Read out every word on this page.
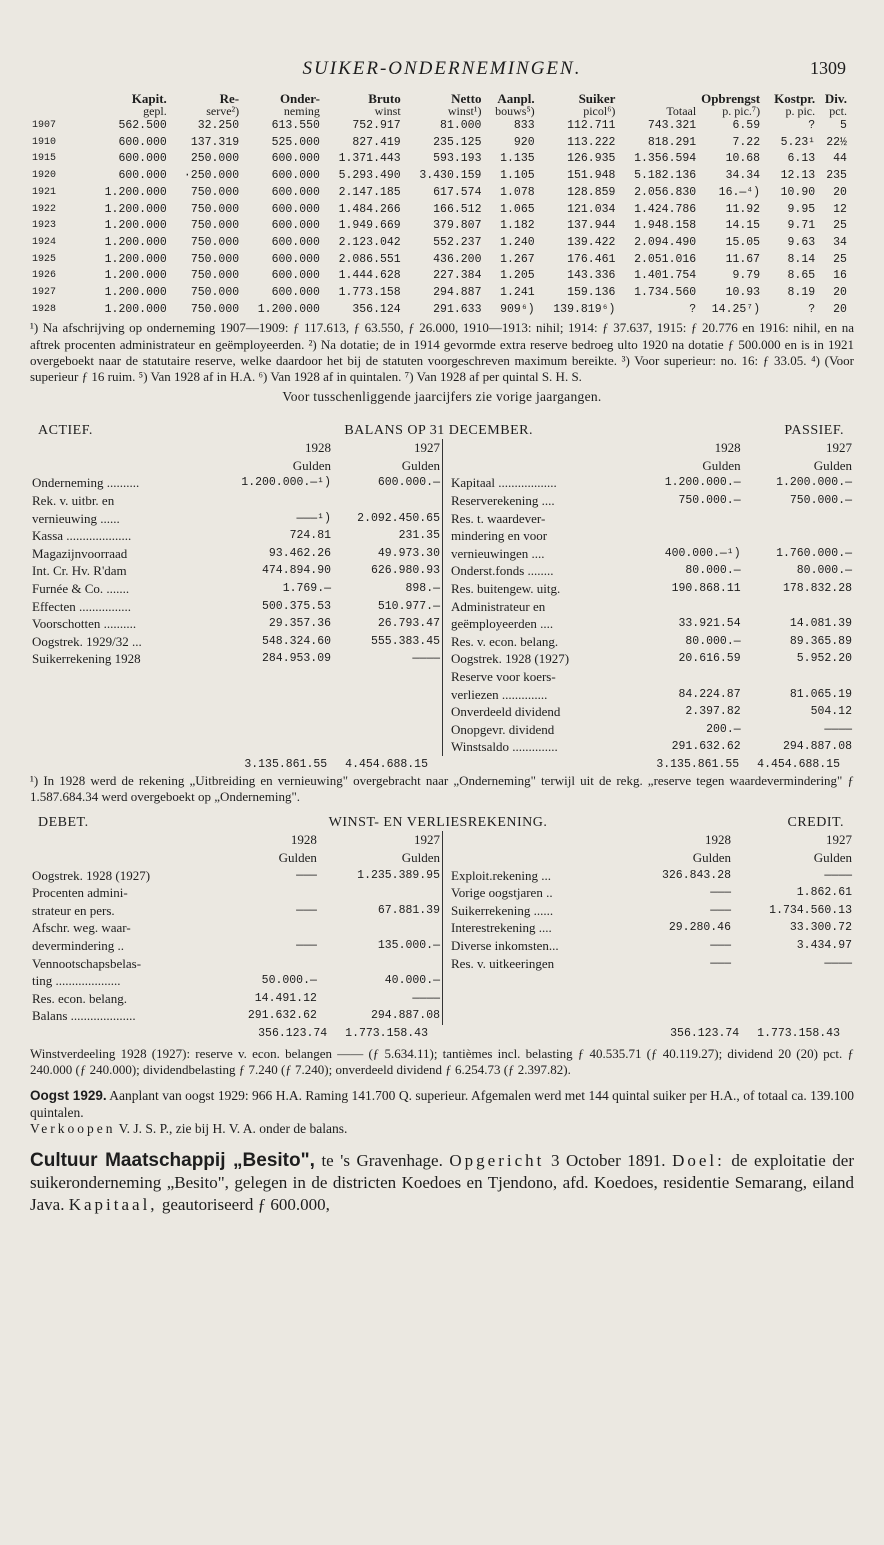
SUIKER-ONDERNEMINGEN.	1309
	Kapit.	Re-	Onder-	Bruto	Netto	Aanpl.	Suiker	Opbrengst		Kostpr.	Div.	
	gepl.	serve²)	neming	winst	winst¹)	bouws⁵)	picol⁶)	Totaal	p. pic.⁷)	p. pic.	pct.	
1907	562.500	32.250	613.550	752.917	81.000	833	112.711	743.321	6.59	?	5	
1910	600.000	137.319	525.000	827.419	235.125	920	113.222	818.291	7.22	5.23¹	22½	
1915	600.000	250.000	600.000	1.371.443	593.193	1.135	126.935	1.356.594	10.68	6.13	44	
1920	600.000	·250.000	600.000	5.293.490	3.430.159	1.105	151.948	5.182.136	34.34	12.13	235	
1921	1.200.000	750.000	600.000	2.147.185	617.574	1.078	128.859	2.056.830	16.—⁴)	10.90	20	
1922	1.200.000	750.000	600.000	1.484.266	166.512	1.065	121.034	1.424.786	11.92	9.95	12	
1923	1.200.000	750.000	600.000	1.949.669	379.807	1.182	137.944	1.948.158	14.15	9.71	25	
1924	1.200.000	750.000	600.000	2.123.042	552.237	1.240	139.422	2.094.490	15.05	9.63	34	
1925	1.200.000	750.000	600.000	2.086.551	436.200	1.267	176.461	2.051.016	11.67	8.14	25	
1926	1.200.000	750.000	600.000	1.444.628	227.384	1.205	143.336	1.401.754	9.79	8.65	16	
1927	1.200.000	750.000	600.000	1.773.158	294.887	1.241	159.136	1.734.560	10.93	8.19	20	
1928	1.200.000	750.000	1.200.000	356.124	291.633	909⁶)	139.819⁶)	?	14.25⁷)	?	20	

¹) Na afschrijving op onderneming 1907—1909: ƒ 117.613, ƒ 63.550, ƒ 26.000, 1910—1913: nihil; 1914: ƒ 37.637, 1915: ƒ 20.776 en 1916: nihil, en na aftrek procenten administrateur en geëmployeerden. ²) Na dotatie; de in 1914 gevormde extra reserve bedroeg ulto 1920 na dotatie ƒ 500.000 en is in 1921 overgeboekt naar de statutaire reserve, welke daardoor het bij de statuten voorgeschreven maximum bereikte. ³) Voor superieur: no. 16: ƒ 33.05. ⁴) (Voor superieur ƒ 16 ruim. ⁵) Van 1928 af in H.A. ⁶) Van 1928 af in quintalen. ⁷) Van 1928 af per quintal S. H. S.

Voor tusschenliggende jaarcijfers zie vorige jaargangen.
ACTIEF.	BALANS OP 31 DECEMBER.	PASSIEF.
	1928	1927
	Gulden	Gulden
Onderneming ..........	1.200.000.—¹)	600.000.—
Rek. v. uitbr. en		
vernieuwing ......	———¹)	2.092.450.65
Kassa ....................	724.81	231.35
Magazijnvoorraad	93.462.26	49.973.30
Int. Cr. Hv. R'dam	474.894.90	626.980.93
Furnée & Co. .......	1.769.—	898.—
Effecten ................	500.375.53	510.977.—
Voorschotten ..........	29.357.36	26.793.47
Oogstrek. 1929/32 ...	548.324.60	555.383.45
Suikerrekening 1928	284.953.09	————
	1928	1927
	Gulden	Gulden
Kapitaal ..................	1.200.000.—	1.200.000.—
Reserverekening ....	750.000.—	750.000.—
Res. t. waardever-		
mindering en voor		
vernieuwingen ....	400.000.—¹)	1.760.000.—
Onderst.fonds ........	80.000.—	80.000.—
Res. buitengew. uitg.	190.868.11	178.832.28
Administrateur en		
geëmployeerden ....	33.921.54	14.081.39
Res. v. econ. belang.	80.000.—	89.365.89
Oogstrek. 1928 (1927)	20.616.59	5.952.20
Reserve voor koers-		
verliezen ..............	84.224.87	81.065.19
Onverdeeld dividend	2.397.82	504.12
Onopgevr. dividend	200.—	————
Winstsaldo ..............	291.632.62	294.887.08
3.135.861.55 4.454.688.15	3.135.861.55 4.454.688.15

¹) In 1928 werd de rekening „Uitbreiding en vernieuwing" overgebracht naar „Onderneming" terwijl uit de rekg. „reserve tegen waardevermindering" ƒ 1.587.684.34 werd overgeboekt op „Onderneming".

DEBET.	WINST- EN VERLIESREKENING.	CREDIT.
	1928	1927
	Gulden	Gulden
Oogstrek. 1928 (1927)	———	1.235.389.95
Procenten admini-		
strateur en pers.	———	67.881.39
Afschr. weg. waar-		
devermindering ..	———	135.000.—
Vennootschapsbelas-		
ting ....................	50.000.—	40.000.—
Res. econ. belang.	14.491.12	————
Balans ....................	291.632.62	294.887.08
	1928	1927
	Gulden	Gulden
Exploit.rekening ...	326.843.28	————
Vorige oogstjaren ..	———	1.862.61
Suikerrekening ......	———	1.734.560.13
Interestrekening ....	29.280.46	33.300.72
Diverse inkomsten...	———	3.434.97
Res. v. uitkeeringen	———	————
356.123.74 1.773.158.43	356.123.74 1.773.158.43

Winstverdeeling 1928 (1927): reserve v. econ. belangen —— (ƒ 5.634.11); tantièmes incl. belasting ƒ 40.535.71 (ƒ 40.119.27); dividend 20 (20) pct. ƒ 240.000 (ƒ 240.000); dividendbelasting ƒ 7.240 (ƒ 7.240); onverdeeld dividend ƒ 6.254.73 (ƒ 2.397.82).

Oogst 1929. Aanplant van oogst 1929: 966 H.A. Raming 141.700 Q. superieur. Afgemalen werd met 144 quintal suiker per H.A., of totaal ca. 139.100 quintalen.
Verkoopen V. J. S. P., zie bij H. V. A. onder de balans.

Cultuur Maatschappij „Besito", te 's Gravenhage. Opgericht 3 October 1891. Doel: de exploitatie der suikeronderneming „Besito", gelegen in de districten Koedoes en Tjendono, afd. Koedoes, residentie Semarang, eiland Java. Kapitaal, geautoriseerd ƒ 600.000,
